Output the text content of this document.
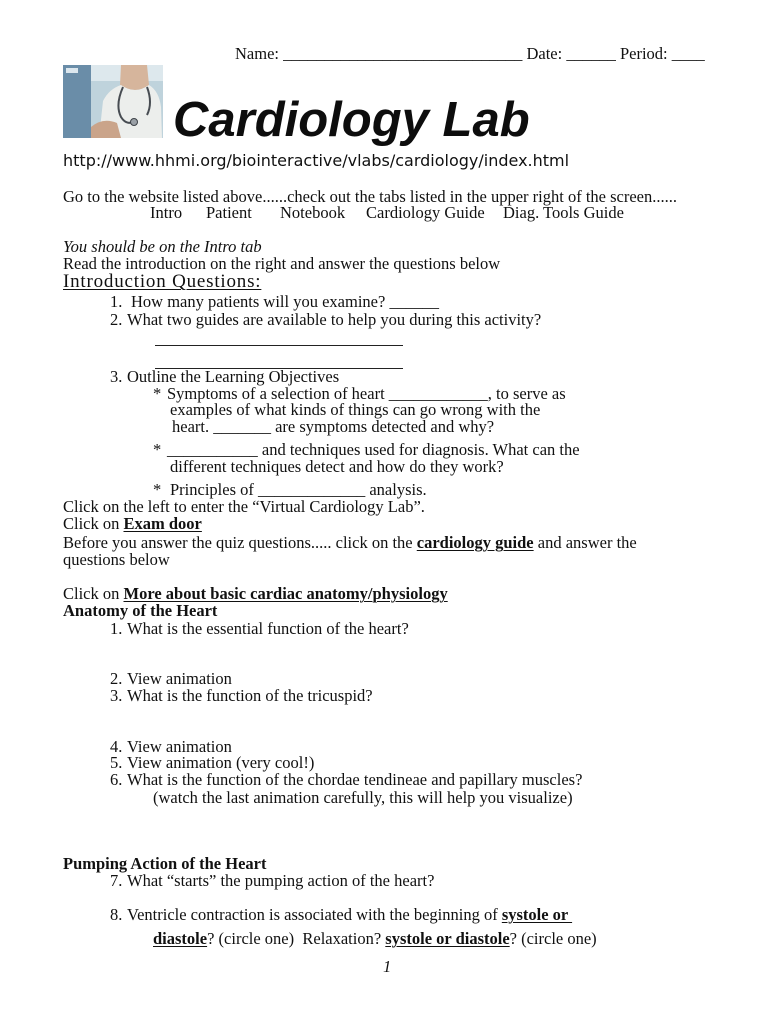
Name: _____________________________ Date: ______ Period: ____
Cardiology Lab
http://www.hhmi.org/biointeractive/vlabs/cardiology/index.html
Go to the website listed above......check out the tabs listed in the upper right of the screen......
Intro Patient Notebook Cardiology Guide Diag. Tools Guide
You should be on the Intro tab
Read the introduction on the right and answer the questions below
Introduction Questions:
1. How many patients will you examine? ______
2. What two guides are available to help you during this activity?
3. Outline the Learning Objectives
* Symptoms of a selection of heart ____________, to serve as
examples of what kinds of things can go wrong with the
heart. _______ are symptoms detected and why?
* ___________ and techniques used for diagnosis. What can the
different techniques detect and how do they work?
* Principles of _____________ analysis.
Click on the left to enter the “Virtual Cardiology Lab”.
Click on Exam door
Before you answer the quiz questions..... click on the cardiology guide and answer the
questions below
Click on More about basic cardiac anatomy/physiology
Anatomy of the Heart
1. What is the essential function of the heart?
2. View animation
3. What is the function of the tricuspid?
4. View animation
5. View animation (very cool!)
6. What is the function of the chordae tendineae and papillary muscles?
(watch the last animation carefully, this will help you visualize)
Pumping Action of the Heart
7. What “starts” the pumping action of the heart?
8. Ventricle contraction is associated with the beginning of systole or
diastole? (circle one)  Relaxation? systole or diastole? (circle one)
1
